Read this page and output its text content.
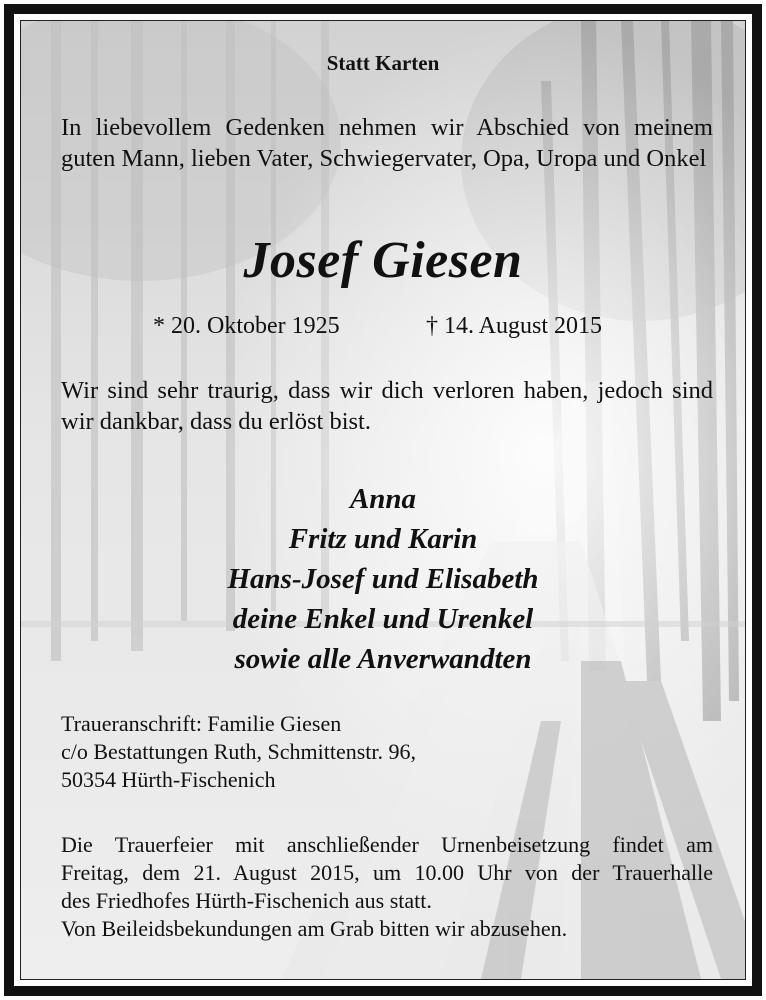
Statt Karten
In liebevollem Gedenken nehmen wir Abschied von meinem guten Mann, lieben Vater, Schwiegervater, Opa, Uropa und Onkel
Josef Giesen
* 20. Oktober 1925	† 14. August 2015
Wir sind sehr traurig, dass wir dich verloren haben, jedoch sind wir dankbar, dass du erlöst bist.
Anna
Fritz und Karin
Hans-Josef und Elisabeth
deine Enkel und Urenkel
sowie alle Anverwandten
Traueranschrift: Familie Giesen
c/o Bestattungen Ruth, Schmittenstr. 96,
50354 Hürth-Fischenich
Die Trauerfeier mit anschließender Urnenbeisetzung findet am
Freitag, dem 21. August 2015, um 10.00 Uhr von der Trauerhalle
des Friedhofes Hürth-Fischenich aus statt.
Von Beileidsbekundungen am Grab bitten wir abzusehen.
